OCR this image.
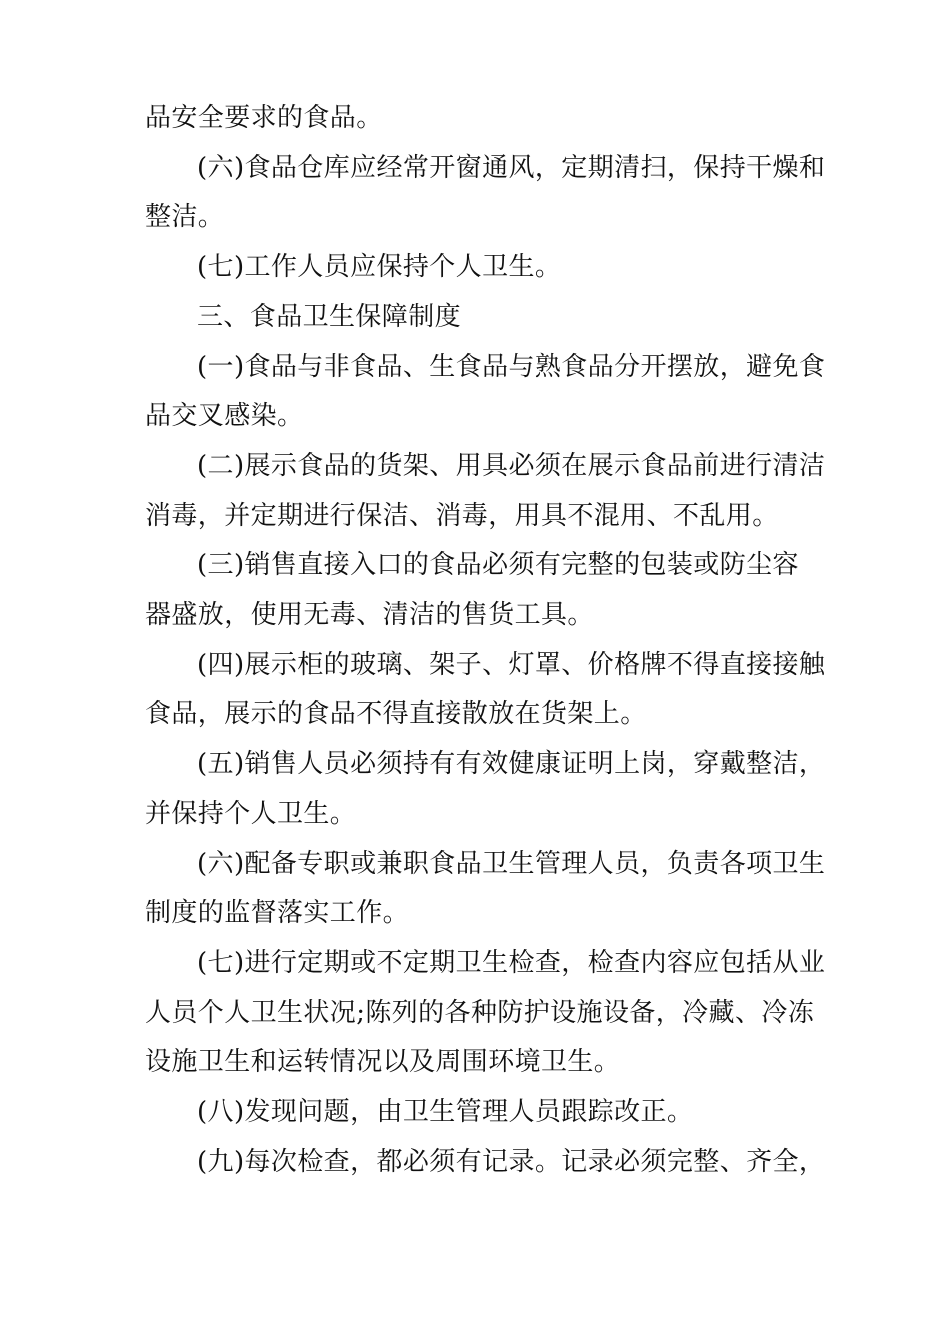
品安全要求的食品。
(六)食品仓库应经常开窗通风，定期清扫，保持干燥和
整洁。
(七)工作人员应保持个人卫生。
三、食品卫生保障制度
(一)食品与非食品、生食品与熟食品分开摆放，避免食
品交叉感染。
(二)展示食品的货架、用具必须在展示食品前进行清洁
消毒，并定期进行保洁、消毒，用具不混用、不乱用。
(三)销售直接入口的食品必须有完整的包装或防尘容
器盛放，使用无毒、清洁的售货工具。
(四)展示柜的玻璃、架子、灯罩、价格牌不得直接接触
食品，展示的食品不得直接散放在货架上。
(五)销售人员必须持有有效健康证明上岗，穿戴整洁，
并保持个人卫生。
(六)配备专职或兼职食品卫生管理人员，负责各项卫生
制度的监督落实工作。
(七)进行定期或不定期卫生检查，检查内容应包括从业
人员个人卫生状况;陈列的各种防护设施设备，冷藏、冷冻
设施卫生和运转情况以及周围环境卫生。
(八)发现问题，由卫生管理人员跟踪改正。
(九)每次检查，都必须有记录。记录必须完整、齐全，
